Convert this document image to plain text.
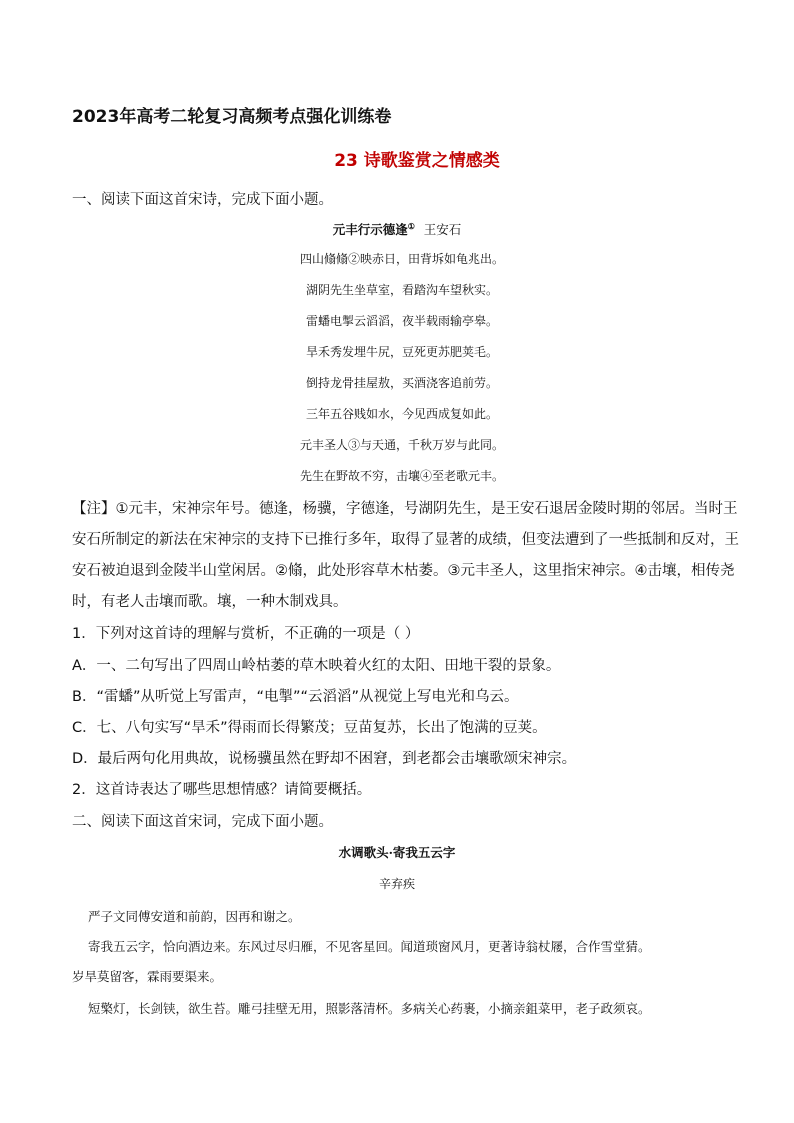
2023年高考二轮复习高频考点强化训练卷
23 诗歌鉴赏之情感类
一、阅读下面这首宋诗，完成下面小题。
元丰行示德逢① 王安石
四山翛翛②映赤日，田背坼如龟兆出。
湖阴先生坐草室，看踏沟车望秋实。
雷蟠电掣云滔滔，夜半载雨输亭皋。
旱禾秀发埋牛尻，豆死更苏肥荚毛。
倒持龙骨挂屋敖，买酒浇客追前劳。
三年五谷贱如水，今见西成复如此。
元丰圣人③与天通，千秋万岁与此同。
先生在野故不穷，击壤④至老歌元丰。
【注】①元丰，宋神宗年号。德逢，杨骥，字德逢，号湖阴先生，是王安石退居金陵时期的邻居。当时王
安石所制定的新法在宋神宗的支持下已推行多年，取得了显著的成绩，但变法遭到了一些抵制和反对，王
安石被迫退到金陵半山堂闲居。②翛，此处形容草木枯萎。③元丰圣人，这里指宋神宗。④击壤，相传尧
时，有老人击壤而歌。壤，一种木制戏具。
1．下列对这首诗的理解与赏析，不正确的一项是（ ）
A．一、二句写出了四周山岭枯萎的草木映着火红的太阳、田地干裂的景象。
B．“雷蟠”从听觉上写雷声，“电掣”“云滔滔”从视觉上写电光和乌云。
C．七、八句实写“旱禾”得雨而长得繁茂；豆苗复苏，长出了饱满的豆荚。
D．最后两句化用典故，说杨骥虽然在野却不困窘，到老都会击壤歌颂宋神宗。
2．这首诗表达了哪些思想情感？请简要概括。
二、阅读下面这首宋词，完成下面小题。
水调歌头·寄我五云字
辛弃疾
严子文同傅安道和前韵，因再和谢之。
寄我五云字，恰向酒边来。东风过尽归雁，不见客星回。闻道琐窗风月，更著诗翁杖屦，合作雪堂猜。
岁旱莫留客，霖雨要渠来。
短檠灯，长剑铗，欲生苔。雕弓挂壁无用，照影落清杯。多病关心药裹，小摘亲鉏菜甲，老子政须哀。
